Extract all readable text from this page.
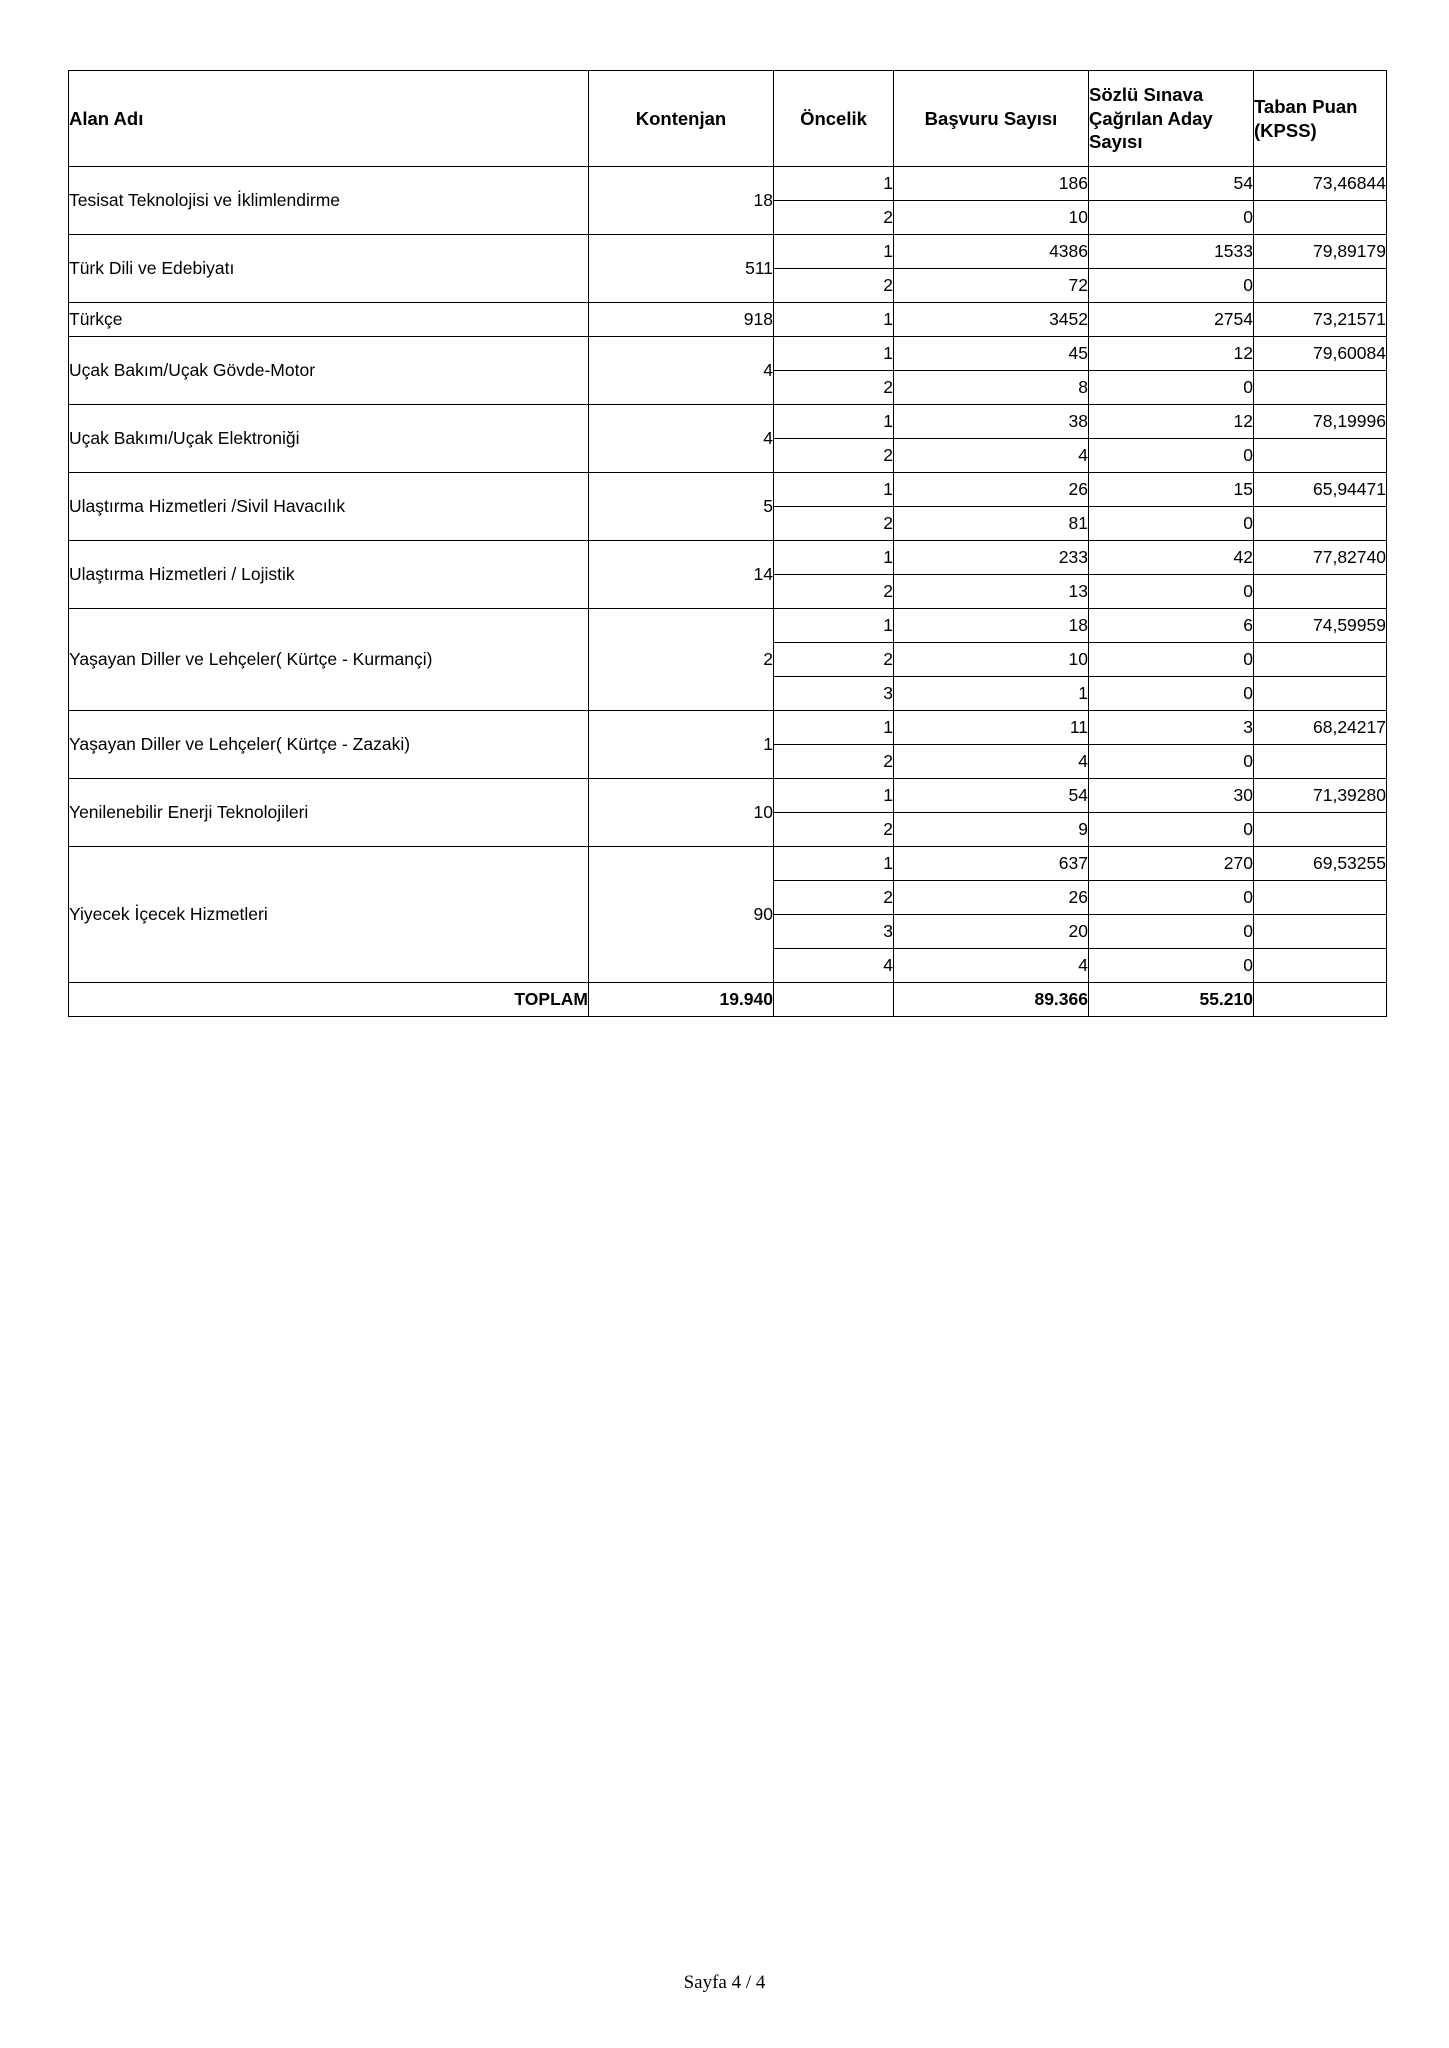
Alan Adı	Kontenjan	Öncelik	Başvuru Sayısı	Sözlü Sınava Çağrılan Aday Sayısı	Taban Puan (KPSS)
Tesisat Teknolojisi ve İklimlendirme	18	1	186	54	73,46844
		2	10	0	
Türk Dili ve Edebiyatı	511	1	4386	1533	79,89179
		2	72	0	
Türkçe	918	1	3452	2754	73,21571
Uçak Bakım/Uçak Gövde-Motor	4	1	45	12	79,60084
		2	8	0	
Uçak Bakımı/Uçak Elektroniği	4	1	38	12	78,19996
		2	4	0	
Ulaştırma Hizmetleri /Sivil Havacılık	5	1	26	15	65,94471
		2	81	0	
Ulaştırma Hizmetleri / Lojistik	14	1	233	42	77,82740
		2	13	0	
Yaşayan Diller ve Lehçeler( Kürtçe - Kurmançi)	2	1	18	6	74,59959
		2	10	0	
		3	1	0	
Yaşayan Diller ve Lehçeler( Kürtçe - Zazaki)	1	1	11	3	68,24217
		2	4	0	
Yenilenebilir Enerji Teknolojileri	10	1	54	30	71,39280
		2	9	0	
Yiyecek İçecek Hizmetleri	90	1	637	270	69,53255
		2	26	0	
		3	20	0	
		4	4	0	
TOPLAM	19.940		89.366	55.210	
Sayfa 4 / 4
